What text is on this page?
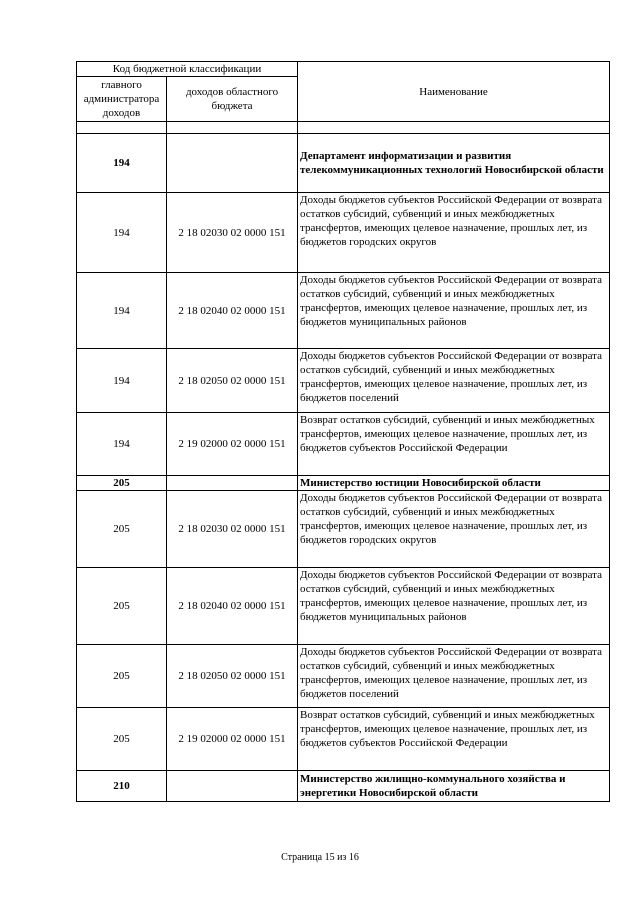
Код бюджетной классификации		Наименование
главного администратора доходов	доходов областного бюджета	

194		Департамент информатизации и развития телекоммуникационных технологий Новосибирской области
194	2 18 02030 02 0000 151	Доходы бюджетов субъектов Российской Федерации от возврата остатков субсидий, субвенций и иных межбюджетных трансфертов, имеющих целевое назначение, прошлых лет, из бюджетов городских округов
194	2 18 02040 02 0000 151	Доходы бюджетов субъектов Российской Федерации от возврата остатков субсидий, субвенций и иных межбюджетных трансфертов, имеющих целевое назначение, прошлых лет, из бюджетов муниципальных районов
194	2 18 02050 02 0000 151	Доходы бюджетов субъектов Российской Федерации от возврата остатков субсидий, субвенций и иных межбюджетных трансфертов, имеющих целевое назначение, прошлых лет, из бюджетов поселений
194	2 19 02000 02 0000 151	Возврат остатков субсидий, субвенций и иных межбюджетных трансфертов, имеющих целевое назначение, прошлых лет, из бюджетов субъектов Российской Федерации
205		Министерство юстиции Новосибирской области
205	2 18 02030 02 0000 151	Доходы бюджетов субъектов Российской Федерации от возврата остатков субсидий, субвенций и иных межбюджетных трансфертов, имеющих целевое назначение, прошлых лет, из бюджетов городских округов
205	2 18 02040 02 0000 151	Доходы бюджетов субъектов Российской Федерации от возврата остатков субсидий, субвенций и иных межбюджетных трансфертов, имеющих целевое назначение, прошлых лет, из бюджетов муниципальных районов
205	2 18 02050 02 0000 151	Доходы бюджетов субъектов Российской Федерации от возврата остатков субсидий, субвенций и иных межбюджетных трансфертов, имеющих целевое назначение, прошлых лет, из бюджетов поселений
205	2 19 02000 02 0000 151	Возврат остатков субсидий, субвенций и иных межбюджетных трансфертов, имеющих целевое назначение, прошлых лет, из бюджетов субъектов Российской Федерации
210		Министерство жилищно-коммунального хозяйства и энергетики Новосибирской области
Страница 15 из 16
